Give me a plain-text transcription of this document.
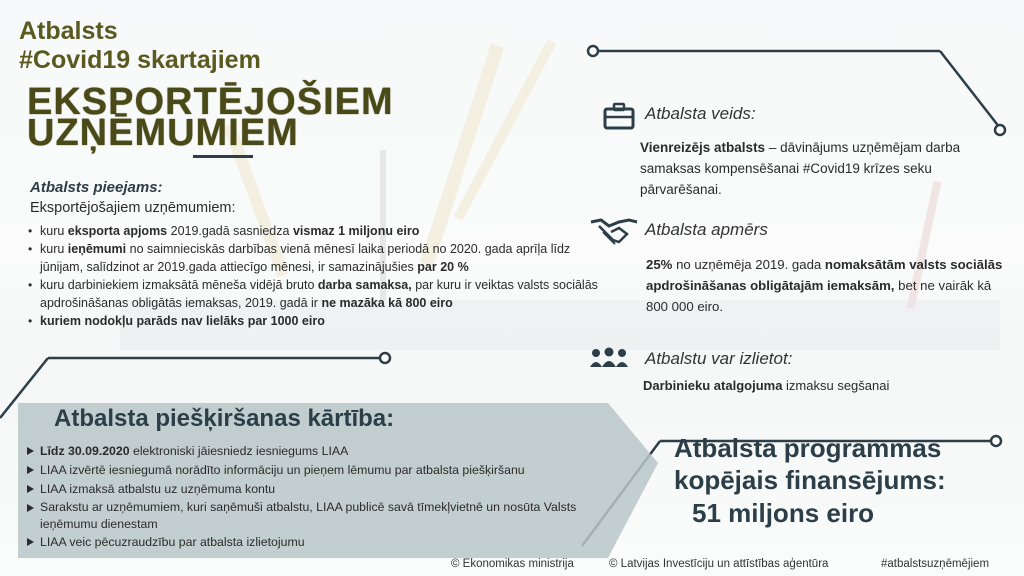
Atbalsts
#Covid19 skartajiem
EKSPORTĒJOŠIEM
UZŅĒMUMIEM
Atbalsts pieejams:
Eksportējošajiem uzņēmumiem:
• kuru eksporta apjoms 2019.gadā sasniedza vismaz 1 miljonu eiro
• kuru ieņēmumi no saimnieciskās darbības vienā mēnesī laika periodā no 2020. gada aprīļa līdz jūnijam, salīdzinot ar 2019.gada attiecīgo mēnesi, ir samazinājušies par 20 %
• kuru darbiniekiem izmaksātā mēneša vidējā bruto darba samaksa, par kuru ir veiktas valsts sociālās apdrošināšanas obligātās iemaksas, 2019. gadā ir ne mazāka kā 800 eiro
• kuriem nodokļu parāds nav lielāks par 1000 eiro
Atbalsta piešķiršanas kārtība:
Līdz 30.09.2020 elektroniski jāiesniedz iesniegums LIAA
LIAA izvērtē iesniegumā norādīto informāciju un pieņem lēmumu par atbalsta piešķiršanu
LIAA izmaksā atbalstu uz uzņēmuma kontu
Sarakstu ar uzņēmumiem, kuri saņēmuši atbalstu, LIAA publicē savā tīmekļvietnē un nosūta Valsts ieņēmumu dienestam
LIAA veic pēcuzraudzību par atbalsta izlietojumu
Atbalsta veids:
Vienreizējs atbalsts – dāvinājums uzņēmējam darba samaksas kompensēšanai #Covid19 krīzes seku pārvarēšanai.
Atbalsta apmērs
25% no uzņēmēja 2019. gada nomaksātām valsts sociālās apdrošināšanas obligātajām iemaksām, bet ne vairāk kā 800 000 eiro.
Atbalstu var izlietot:
Darbinieku atalgojuma izmaksu segšanai
Atbalsta programmas
kopējais finansējums:
51 miljons eiro
© Ekonomikas ministrija	© Latvijas Investīciju un attīstības aģentūra	#atbalstsuzņēmējiem
